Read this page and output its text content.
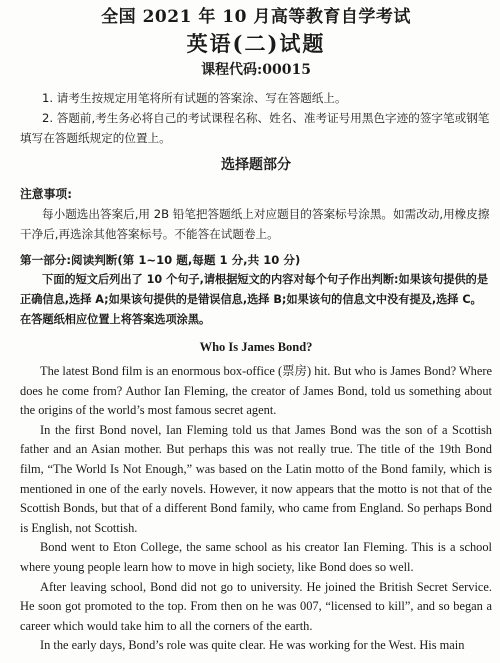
全国 2021 年 10 月高等教育自学考试
英语(二)试题
课程代码:00015

1. 请考生按规定用笔将所有试题的答案涂、写在答题纸上。

2. 答题前,考生务必将自己的考试课程名称、姓名、准考证号用黑色字迹的签字笔或钢笔填写在答题纸规定的位置上。

选择题部分
注意事项:

每小题选出答案后,用 2B 铅笔把答题纸上对应题目的答案标号涂黑。如需改动,用橡皮擦干净后,再选涂其他答案标号。不能答在试题卷上。

第一部分:阅读判断(第 1~10 题,每题 1 分,共 10 分)

下面的短文后列出了 10 个句子,请根据短文的内容对每个句子作出判断:如果该句提供的是正确信息,选择 A;如果该句提供的是错误信息,选择 B;如果该句的信息文中没有提及,选择 C。在答题纸相应位置上将答案选项涂黑。

Who Is James Bond?

The latest Bond film is an enormous box-office (票房) hit. But who is James Bond? Where does he come from? Author Ian Fleming, the creator of James Bond, told us something about the origins of the world’s most famous secret agent.

In the first Bond novel, Ian Fleming told us that James Bond was the son of a Scottish father and an Asian mother. But perhaps this was not really true. The title of the 19th Bond film, “The World Is Not Enough,” was based on the Latin motto of the Bond family, which is mentioned in one of the early novels. However, it now appears that the motto is not that of the Scottish Bonds, but that of a different Bond family, who came from England. So perhaps Bond is English, not Scottish.

Bond went to Eton College, the same school as his creator Ian Fleming. This is a school where young people learn how to move in high society, like Bond does so well.

After leaving school, Bond did not go to university. He joined the British Secret Service. He soon got promoted to the top. From then on he was 007, “licensed to kill”, and so began a career which would take him to all the corners of the earth.

In the early days, Bond’s role was quite clear. He was working for the West. His main
